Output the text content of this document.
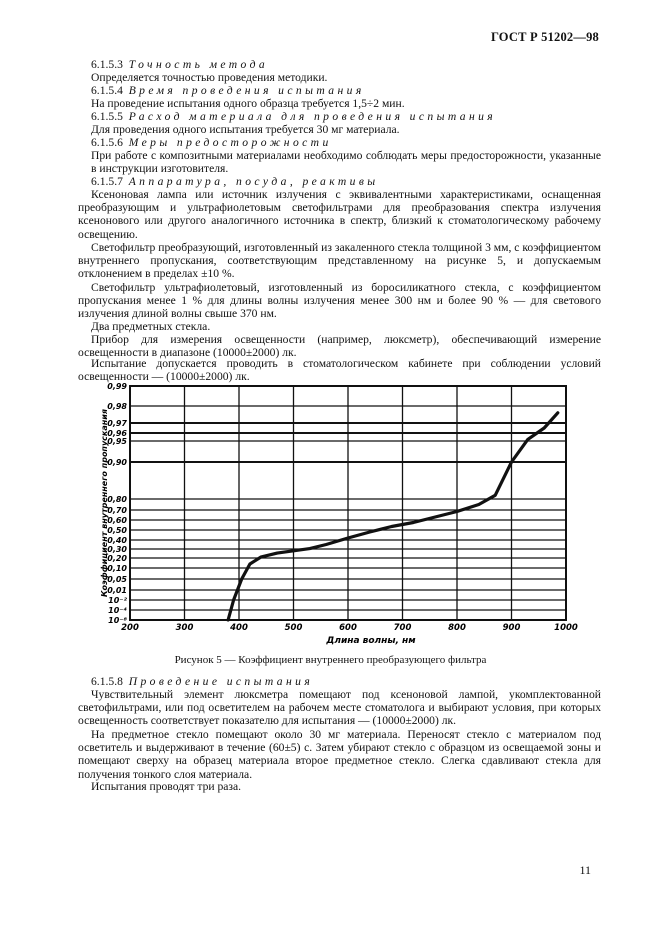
ГОСТ Р 51202—98
6.1.5.3 Точность метода
Определяется точностью проведения методики.
6.1.5.4 Время проведения испытания
На проведение испытания одного образца требуется 1,5÷2 мин.
6.1.5.5 Расход материала для проведения испытания
Для проведения одного испытания требуется 30 мг материала.
6.1.5.6 Меры предосторожности
При работе с композитными материалами необходимо соблюдать меры предосторожности, указанные в инструкции изготовителя.
6.1.5.7 Аппаратура, посуда, реактивы
Ксеноновая лампа или источник излучения с эквивалентными характеристиками, оснащенная преобразующим и ультрафиолетовым светофильтрами для преобразования спектра излучения ксенонового или другого аналогичного источника в спектр, близкий к стоматологическому рабочему освещению.
Светофильтр преобразующий, изготовленный из закаленного стекла толщиной 3 мм, с коэффициентом внутреннего пропускания, соответствующим представленному на рисунке 5, и допускаемым отклонением в пределах ±10 %.
Светофильтр ультрафиолетовый, изготовленный из боросиликатного стекла, с коэффициентом пропускания менее 1 % для длины волны излучения менее 300 нм и более 90 % — для светового излучения длиной волны свыше 370 нм.
Два предметных стекла.
Прибор для измерения освещенности (например, люксметр), обеспечивающий измерение освещенности в диапазоне (10000±2000) лк.
Испытание допускается проводить в стоматологическом кабинете при соблюдении условий освещенности — (10000±2000) лк.
Коэффициент внутреннего пропускания
10⁻⁸
10⁻⁴
10⁻²
0,01
0,05
0,10
0,20
0,30
0,40
0,50
0,60
0,70
0,80
0,90
0,95
0,96
0,97
0,98
0,99
200	300	400	500	600	700	800	900	1000
Длина волны, нм
Рисунок 5 — Коэффициент внутреннего преобразующего фильтра
6.1.5.8 Проведение испытания
Чувствительный элемент люксметра помещают под ксеноновой лампой, укомплектованной светофильтрами, или под осветителем на рабочем месте стоматолога и выбирают условия, при которых освещенность соответствует показателю для испытания — (10000±2000) лк.
На предметное стекло помещают около 30 мг материала. Переносят стекло с материалом под осветитель и выдерживают в течение (60±5) с. Затем убирают стекло с образцом из освещаемой зоны и помещают сверху на образец материала второе предметное стекло. Слегка сдавливают стекла для получения тонкого слоя материала.
Испытания проводят три раза.
11
